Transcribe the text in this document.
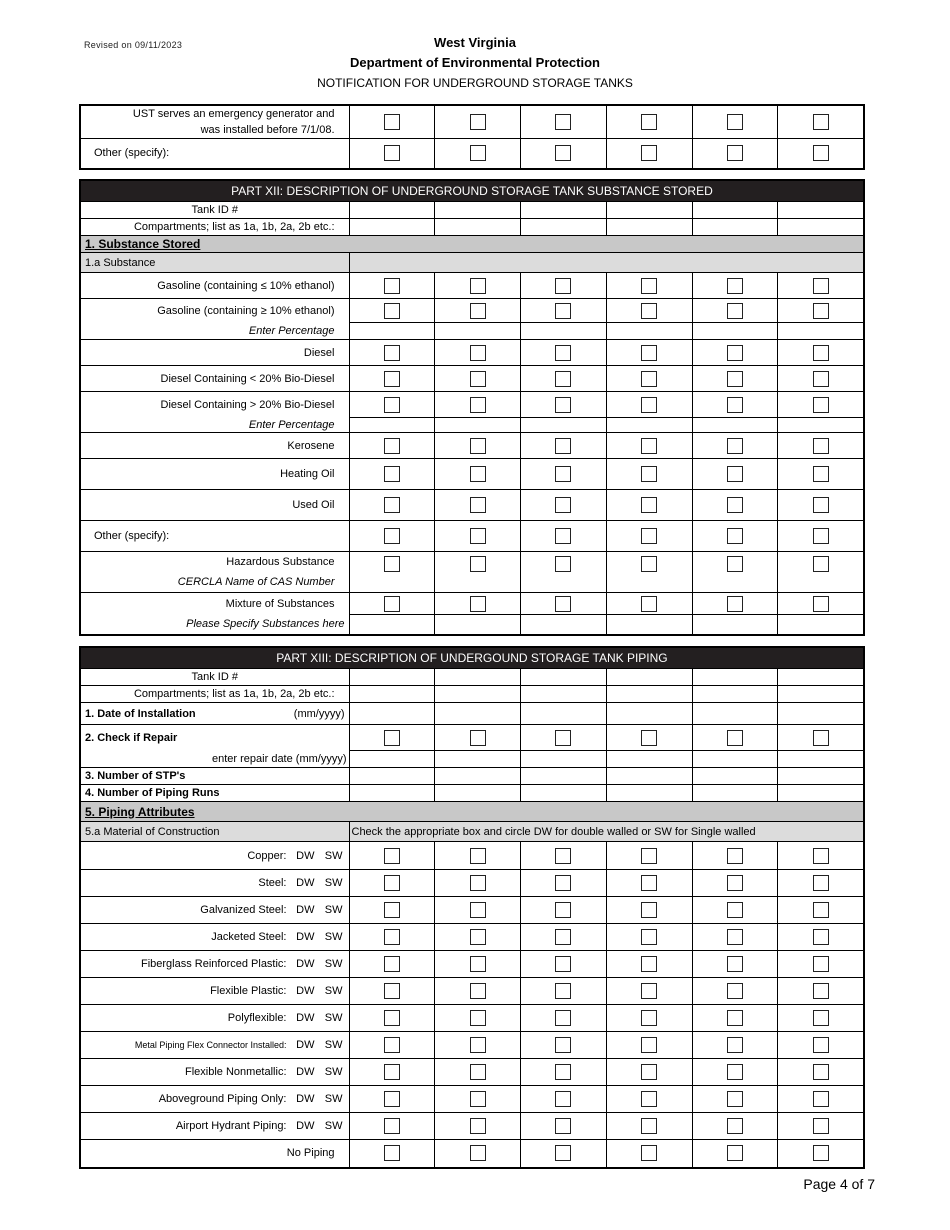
Revised on 09/11/2023	West Virginia
Department of Environmental Protection
NOTIFICATION FOR UNDERGROUND STORAGE TANKS
UST serves an emergency generator and
was installed before 7/1/08.						

Other (specify):						
PART XII: DESCRIPTION OF UNDERGROUND STORAGE TANK SUBSTANCE STORED						
Tank ID #						
Compartments; list as 1a, 1b, 2a, 2b etc.:						
1. Substance Stored						
1.a Substance						
Gasoline (containing ≤ 10% ethanol)						
Gasoline (containing ≥ 10% ethanol)						
Enter Percentage						
Diesel						
Diesel Containing < 20% Bio-Diesel						
Diesel Containing > 20% Bio-Diesel						
Enter Percentage						
Kerosene						
Heating Oil						
Used Oil						
Other (specify):						

Hazardous Substance
CERCLA Name of CAS Number						

Mixture of Substances						
Please Specify Substances here						
PART XIII: DESCRIPTION OF UNDERGOUND STORAGE TANK PIPING						
Tank ID #						
Compartments; list as 1a, 1b, 2a, 2b etc.:						

1. Date of Installation (mm/yyyy)						

2. Check if Repair						
enter repair date (mm/yyyy)						
3. Number of STP's						
4. Number of Piping Runs						
5. Piping Attributes						
5.a Material of Construction	Check the appropriate box and circle DW for double walled or SW for Single walled					
Copper: DW SW						
Steel: DW SW						
Galvanized Steel: DW SW						
Jacketed Steel: DW SW						
Fiberglass Reinforced Plastic: DW SW						
Flexible Plastic: DW SW						
Polyflexible: DW SW						
Metal Piping Flex Connector Installed: DW SW						
Flexible Nonmetallic: DW SW						
Aboveground Piping Only: DW SW						
Airport Hydrant Piping: DW SW						
No Piping						
Page 4 of 7
